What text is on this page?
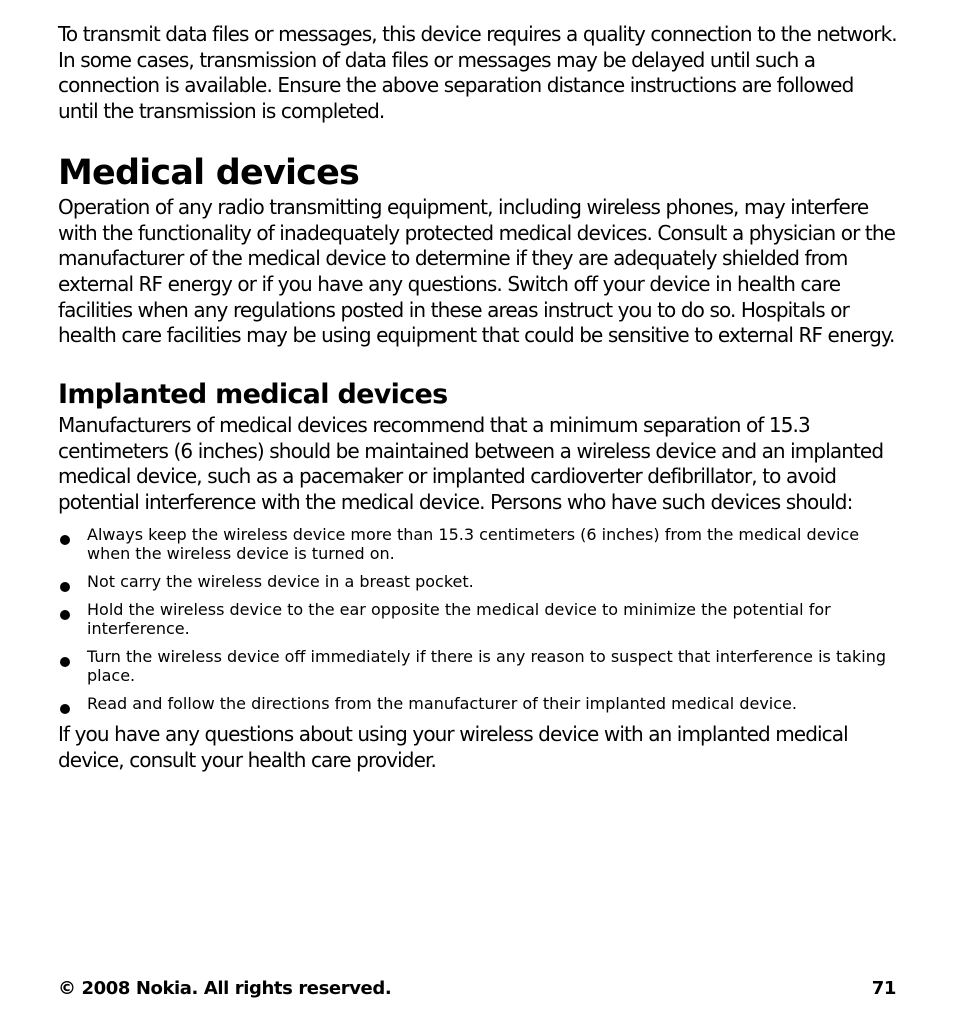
To transmit data files or messages, this device requires a quality connection to the network. In some cases, transmission of data files or messages may be delayed until such a connection is available. Ensure the above separation distance instructions are followed until the transmission is completed.

Medical devices

Operation of any radio transmitting equipment, including wireless phones, may interfere with the functionality of inadequately protected medical devices. Consult a physician or the manufacturer of the medical device to determine if they are adequately shielded from external RF energy or if you have any questions. Switch off your device in health care facilities when any regulations posted in these areas instruct you to do so. Hospitals or health care facilities may be using equipment that could be sensitive to external RF energy.

Implanted medical devices

Manufacturers of medical devices recommend that a minimum separation of 15.3 centimeters (6 inches) should be maintained between a wireless device and an implanted medical device, such as a pacemaker or implanted cardioverter defibrillator, to avoid potential interference with the medical device. Persons who have such devices should:

Always keep the wireless device more than 15.3 centimeters (6 inches) from the medical device when the wireless device is turned on.
Not carry the wireless device in a breast pocket.
Hold the wireless device to the ear opposite the medical device to minimize the potential for interference.
Turn the wireless device off immediately if there is any reason to suspect that interference is taking place.
Read and follow the directions from the manufacturer of their implanted medical device.

If you have any questions about using your wireless device with an implanted medical device, consult your health care provider.

© 2008 Nokia. All rights reserved.	71
